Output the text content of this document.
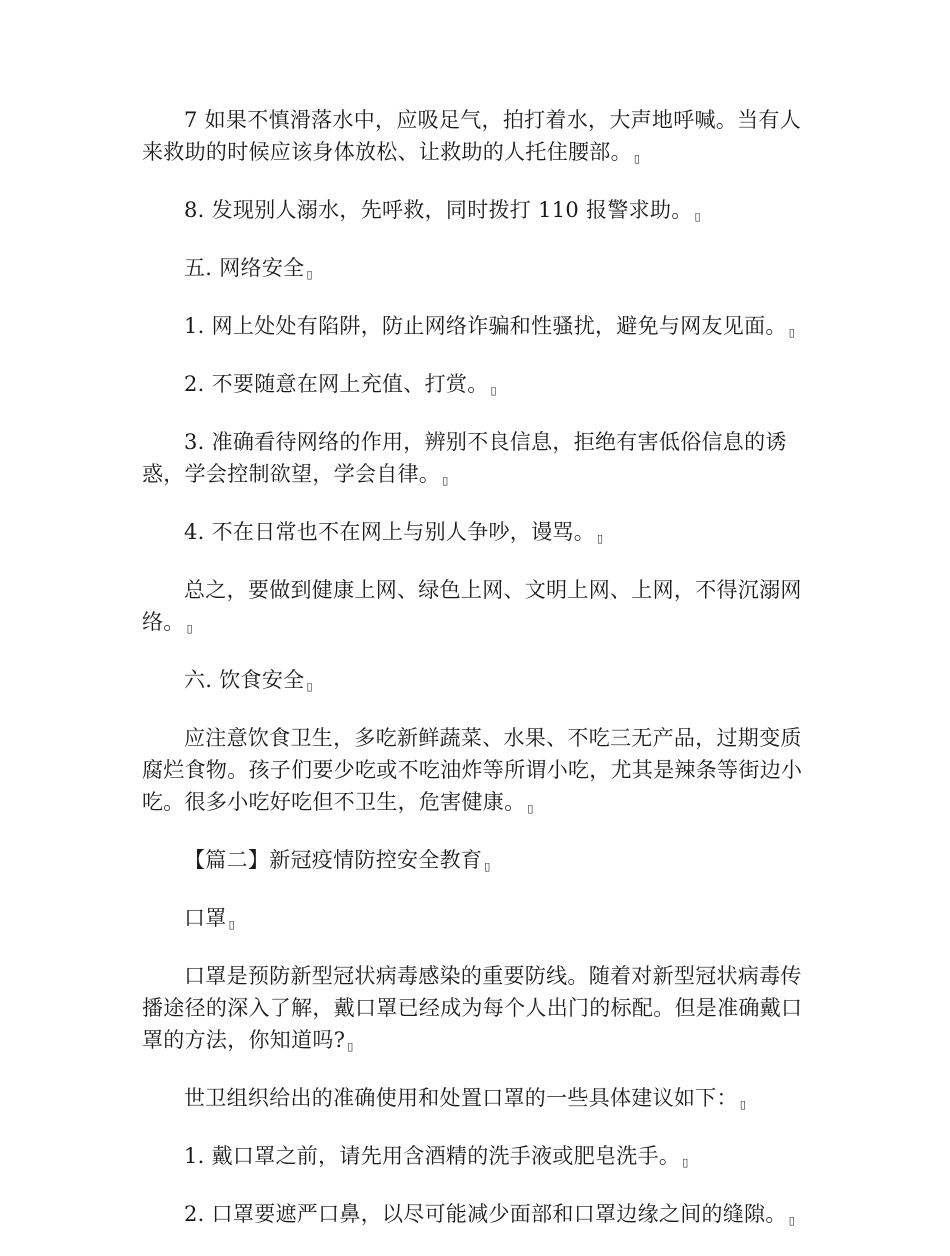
7 如果不慎滑落水中，应吸足气，拍打着水，大声地呼喊。当有人来救助的时候应该身体放松、让救助的人托住腰部。 ▯

8. 发现别人溺水，先呼救，同时拨打 110 报警求助。 ▯

五. 网络安全 ▯

1. 网上处处有陷阱，防止网络诈骗和性骚扰，避免与网友见面。 ▯

2. 不要随意在网上充值、打赏。 ▯

3. 准确看待网络的作用，辨别不良信息，拒绝有害低俗信息的诱惑，学会控制欲望，学会自律。 ▯

4. 不在日常也不在网上与别人争吵，谩骂。 ▯

总之，要做到健康上网、绿色上网、文明上网、上网，不得沉溺网络。 ▯

六. 饮食安全 ▯

应注意饮食卫生，多吃新鲜蔬菜、水果、不吃三无产品，过期变质腐烂食物。孩子们要少吃或不吃油炸等所谓小吃，尤其是辣条等街边小吃。很多小吃好吃但不卫生，危害健康。 ▯

【篇二】新冠疫情防控安全教育 ▯

口罩 ▯

口罩是预防新型冠状病毒感染的重要防线。随着对新型冠状病毒传播途径的深入了解，戴口罩已经成为每个人出门的标配。但是准确戴口罩的方法，你知道吗? ▯

世卫组织给出的准确使用和处置口罩的一些具体建议如下： ▯

1. 戴口罩之前，请先用含酒精的洗手液或肥皂洗手。 ▯

2. 口罩要遮严口鼻，以尽可能减少面部和口罩边缘之间的缝隙。 ▯
